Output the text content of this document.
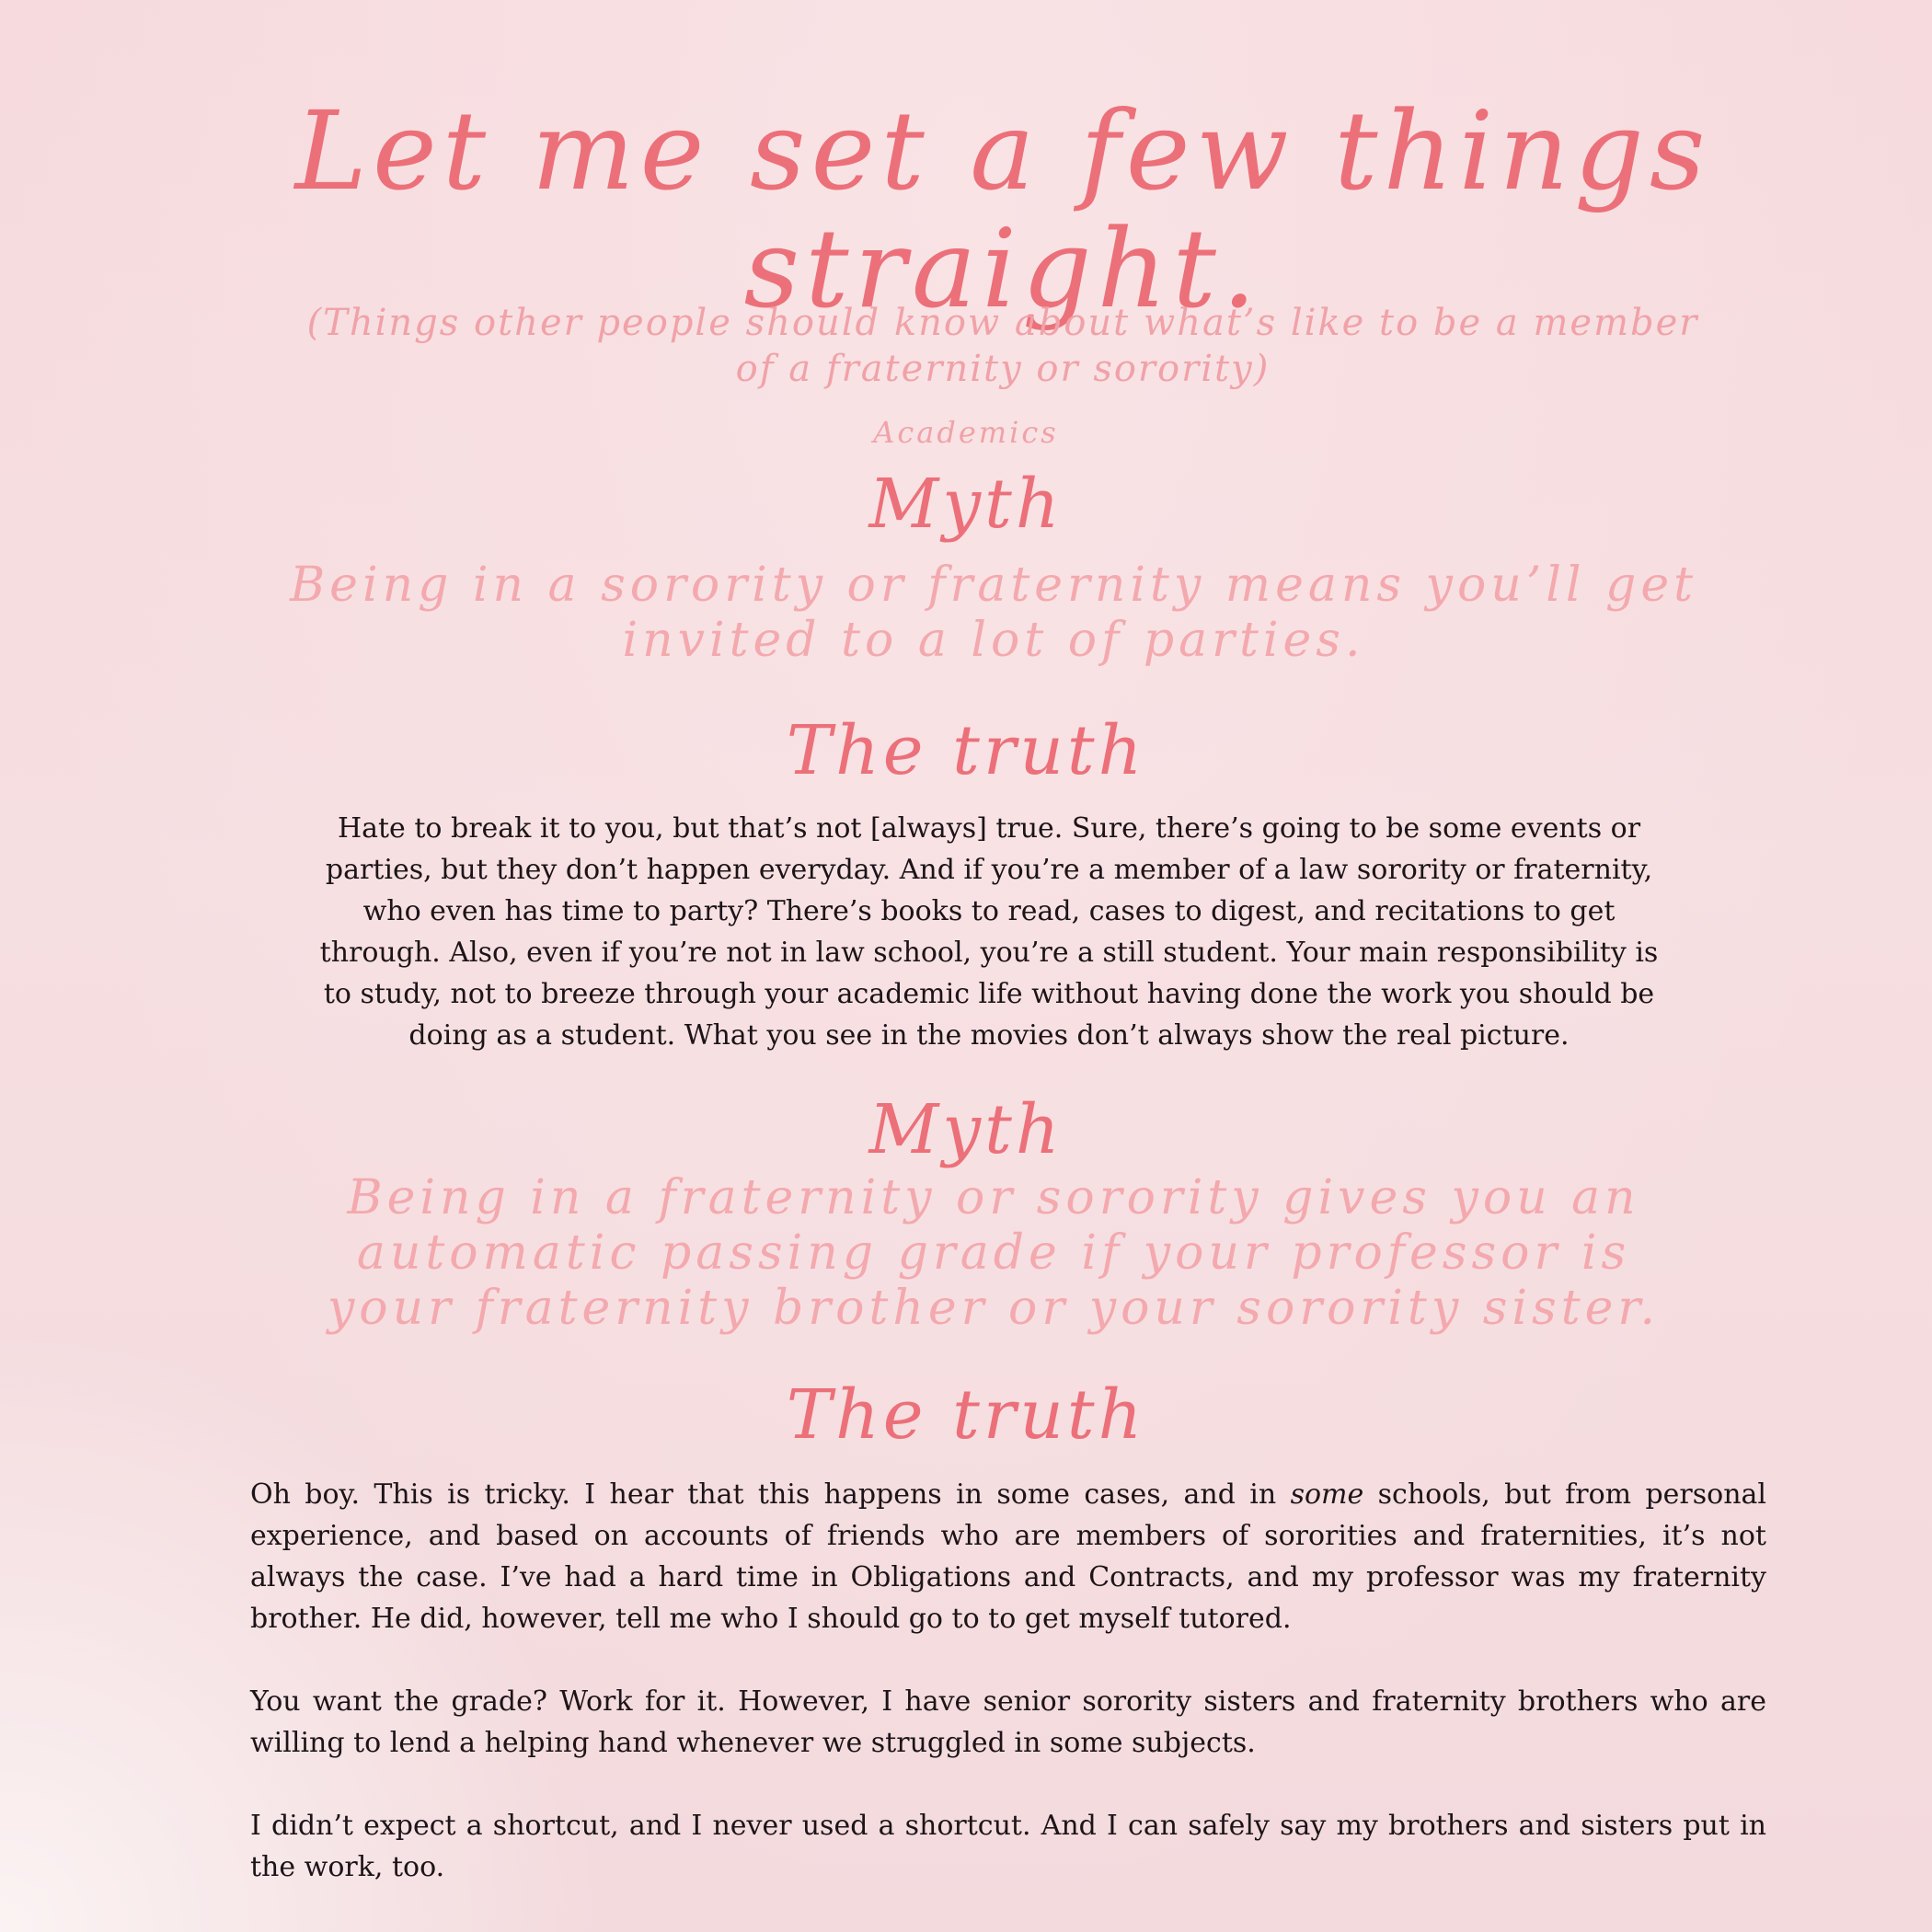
Let me set a few things straight.

(Things other people should know about what’s like to be a member of a fraternity or sorority)

Academics

Myth

Being in a sorority or fraternity means you’ll get invited to a lot of parties.

The truth

Hate to break it to you, but that’s not [always] true. Sure, there’s going to be some events or parties, but they don’t happen everyday. And if you’re a member of a law sorority or fraternity, who even has time to party? There’s books to read, cases to digest, and recitations to get through. Also, even if you’re not in law school, you’re a still student. Your main responsibility is to study, not to breeze through your academic life without having done the work you should be doing as a student. What you see in the movies don’t always show the real picture.

Myth

Being in a fraternity or sorority gives you an automatic passing grade if your professor is your fraternity brother or your sorority sister.

The truth
Oh boy. This is tricky. I hear that this happens in some cases, and in some schools, but from personal experience, and based on accounts of friends who are members of sororities and fraternities, it’s not always the case. I’ve had a hard time in Obligations and Contracts, and my professor was my fraternity brother. He did, however, tell me who I should go to to get myself tutored.
You want the grade? Work for it. However, I have senior sorority sisters and fraternity brothers who are willing to lend a helping hand whenever we struggled in some subjects.
I didn’t expect a shortcut, and I never used a shortcut. And I can safely say my brothers and sisters put in the work, too.
